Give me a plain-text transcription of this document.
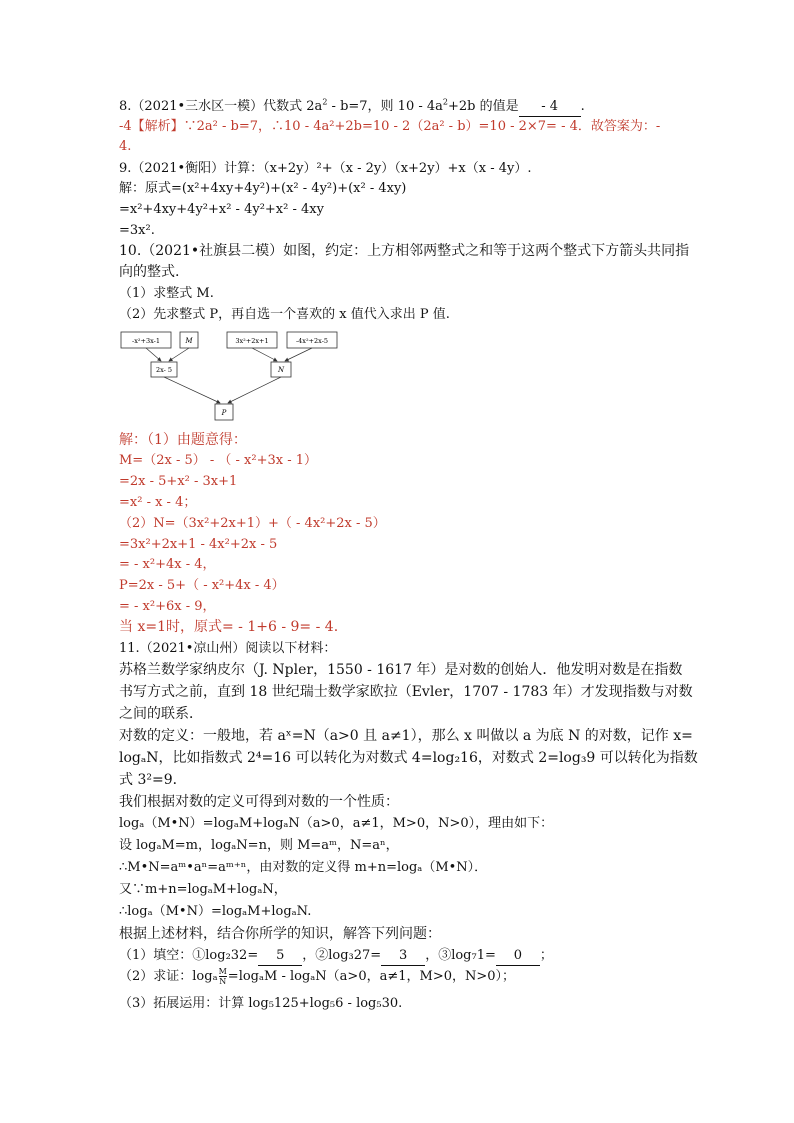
8.（2021•三水区一模）代数式 $2a^2 - b=7$，则 $10 - 4a^2+2b$ 的值是 - 4 .
-4【解析】∵2a² - b=7，∴10 - 4a²+2b=10 - 2（2a² - b）=10 - 2×7= - 4．故答案为：-
4.
9.（2021•衡阳）计算：（x+2y）²+（x - 2y）（x+2y）+x（x - 4y）.
解：原式=(x²+4xy+4y²)+(x² - 4y²)+(x² - 4xy)
=x²+4xy+4y²+x² - 4y²+x² - 4xy
=3x².
10.（2021•社旗县二模）如图，约定：上方相邻两整式之和等于这两个整式下方箭头共同指
向的整式.
（1）求整式 M.
（2）先求整式 P，再自选一个喜欢的 x 值代入求出 P 值.
-x²+3x-1	M	3x²+2x+1	-4x²+2x-5
2x- 5	N
P
解：（1）由题意得：
M=（2x - 5） - （ - x²+3x - 1）
=2x - 5+x² - 3x+1
=x² - x - 4；
（2）N=（3x²+2x+1）+（ - 4x²+2x - 5）
=3x²+2x+1 - 4x²+2x - 5
= - x²+4x - 4，
P=2x - 5+（ - x²+4x - 4）
= - x²+6x - 9，
当 x=1时，原式= - 1+6 - 9= - 4.
11.（2021•凉山州）阅读以下材料：
苏格兰数学家纳皮尔（J. Npler，1550 - 1617 年）是对数的创始人．他发明对数是在指数
书写方式之前，直到 18 世纪瑞士数学家欧拉（Evler，1707 - 1783 年）才发现指数与对数
之间的联系．
对数的定义：一般地，若 aˣ=N（a>0 且 a≠1），那么 x 叫做以 a 为底 N 的对数，记作 x=
logₐN，比如指数式 2⁴=16 可以转化为对数式 4=log₂16，对数式 2=log₃9 可以转化为指数
式 3²=9．
我们根据对数的定义可得到对数的一个性质：
logₐ（M•N）=logₐM+logₐN（a>0，a≠1，M>0，N>0），理由如下：
设 logₐM=m，logₐN=n，则 M=aᵐ，N=aⁿ，
∴M•N=aᵐ•aⁿ=aᵐ⁺ⁿ，由对数的定义得 m+n=logₐ（M•N）．
又∵m+n=logₐM+logₐN，
∴logₐ（M•N）=logₐM+logₐN.
根据上述材料，结合你所学的知识，解答下列问题：
（1）填空：①log₂32= 5 ，②log₃27= 3 ，③log₇1= 0 ；
（2）求证：logₐ $\frac{M}{N} =\log_aM - \log_aN(a>0$，a≠1，M>0，N>0）；
（3）拓展运用：计算 log₅125+log₅6 - log₅30.
